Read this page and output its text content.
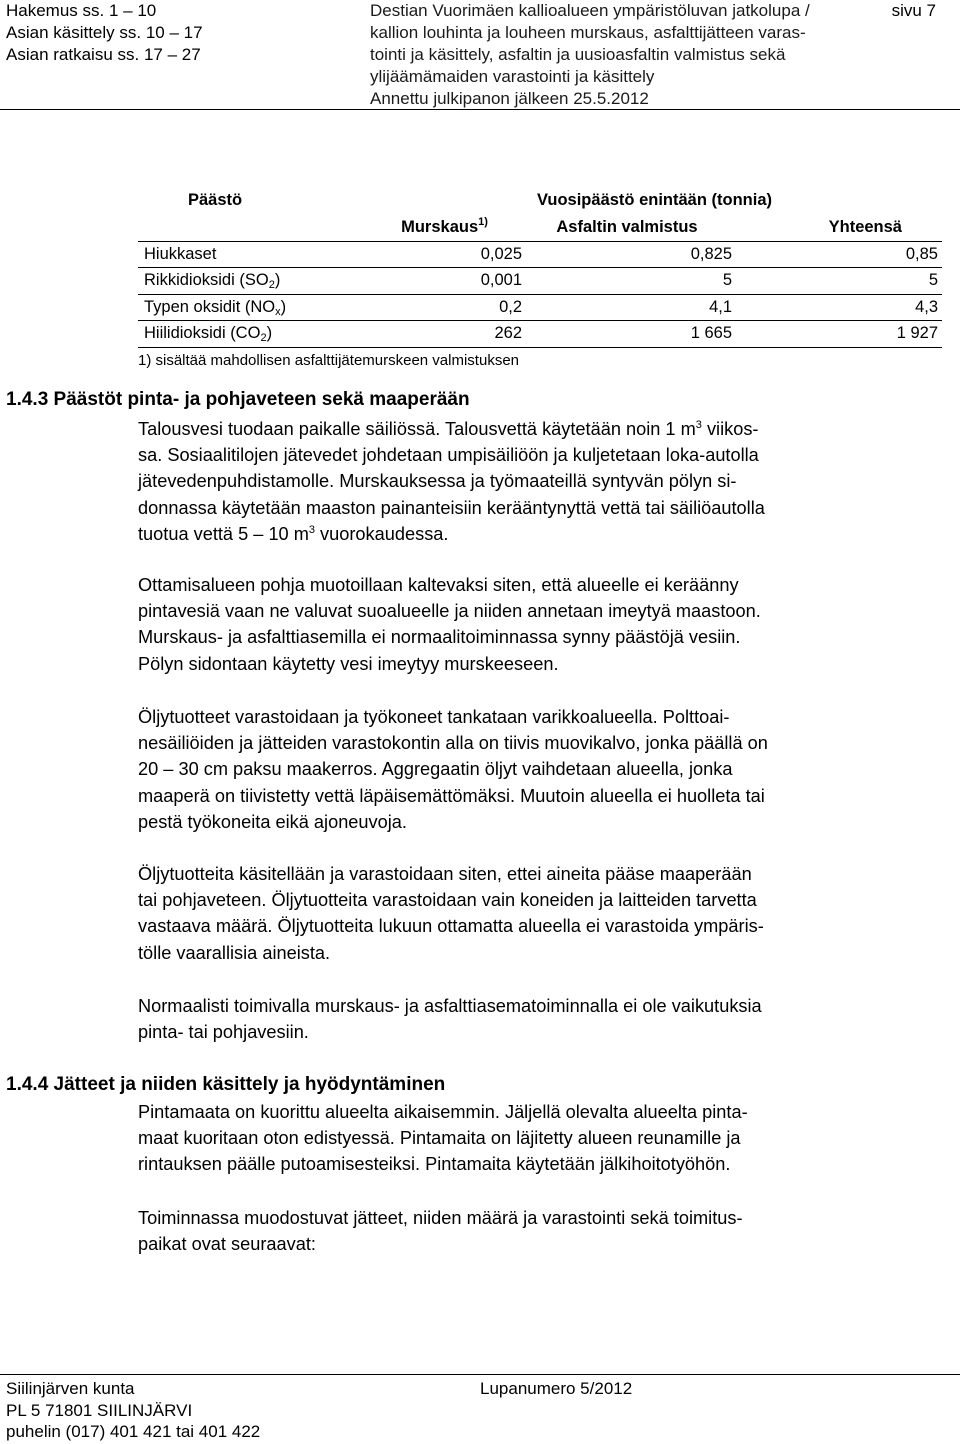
Hakemus ss. 1 – 10
Asian käsittely ss. 10 – 17
Asian ratkaisu ss. 17 – 27
Destian Vuorimäen kallioalueen ympäristöluvan jatkolupa /
kallion louhinta ja louheen murskaus, asfalttijätteen varas-
tointi ja käsittely, asfaltin ja uusioasfaltin valmistus sekä
ylijäämämaiden varastointi ja käsittely
Annettu julkipanon jälkeen 25.5.2012
sivu 7
Päästö	Vuosipäästö enintään (tonnia)		
	Murskaus$^{1)}$	Asfaltin valmistus	Yhteensä
Hiukkaset	0,025	0,825	0,85
Rikkidioksidi $(SO_2)$	0,001	5	5
Typen oksidit $(NO_x)$	0,2	4,1	4,3
Hiilidioksidi $(CO_2)$	262	1 665	1 927
1) sisältää mahdollisen asfalttijätemurskeen valmistuksen			
1.4.3 Päästöt pinta- ja pohjaveteen sekä maaperään
Talousvesi tuodaan paikalle säiliössä. Talousvettä käytetään noin 1 $m^3$ viikos-
sa. Sosiaalitilojen jätevedet johdetaan umpisäiliöön ja kuljetetaan loka-autolla
jätevedenpuhdistamolle. Murskauksessa ja työmaateillä syntyvän pölyn si-
donnassa käytetään maaston painanteisiin kerääntynyttä vettä tai säiliöautolla
tuotua vettä 5 – 10 $m^3$ vuorokaudessa.
Ottamisalueen pohja muotoillaan kaltevaksi siten, että alueelle ei keräänny
pintavesiä vaan ne valuvat suoalueelle ja niiden annetaan imeytyä maastoon.
Murskaus- ja asfalttiasemilla ei normaalitoiminnassa synny päästöjä vesiin.
Pölyn sidontaan käytetty vesi imeytyy murskeeseen.
Öljytuotteet varastoidaan ja työkoneet tankataan varikkoalueella. Polttoai-
nesäiliöiden ja jätteiden varastokontin alla on tiivis muovikalvo, jonka päällä on
20 – 30 cm paksu maakerros. Aggregaatin öljyt vaihdetaan alueella, jonka
maaperä on tiivistetty vettä läpäisemättömäksi. Muutoin alueella ei huolleta tai
pestä työkoneita eikä ajoneuvoja.
Öljytuotteita käsitellään ja varastoidaan siten, ettei aineita pääse maaperään
tai pohjaveteen. Öljytuotteita varastoidaan vain koneiden ja laitteiden tarvetta
vastaava määrä. Öljytuotteita lukuun ottamatta alueella ei varastoida ympäris-
tölle vaarallisia aineista.
Normaalisti toimivalla murskaus- ja asfalttiasematoiminnalla ei ole vaikutuksia
pinta- tai pohjavesiin.
1.4.4 Jätteet ja niiden käsittely ja hyödyntäminen
Pintamaata on kuorittu alueelta aikaisemmin. Jäljellä olevalta alueelta pinta-
maat kuoritaan oton edistyessä. Pintamaita on läjitetty alueen reunamille ja
rintauksen päälle putoamisesteiksi. Pintamaita käytetään jälkihoitotyöhön.
Toiminnassa muodostuvat jätteet, niiden määrä ja varastointi sekä toimitus-
paikat ovat seuraavat:
Siilinjärven kunta
PL 5 71801 SIILINJÄRVI
puhelin (017) 401 421 tai 401 422
Lupanumero 5/2012
